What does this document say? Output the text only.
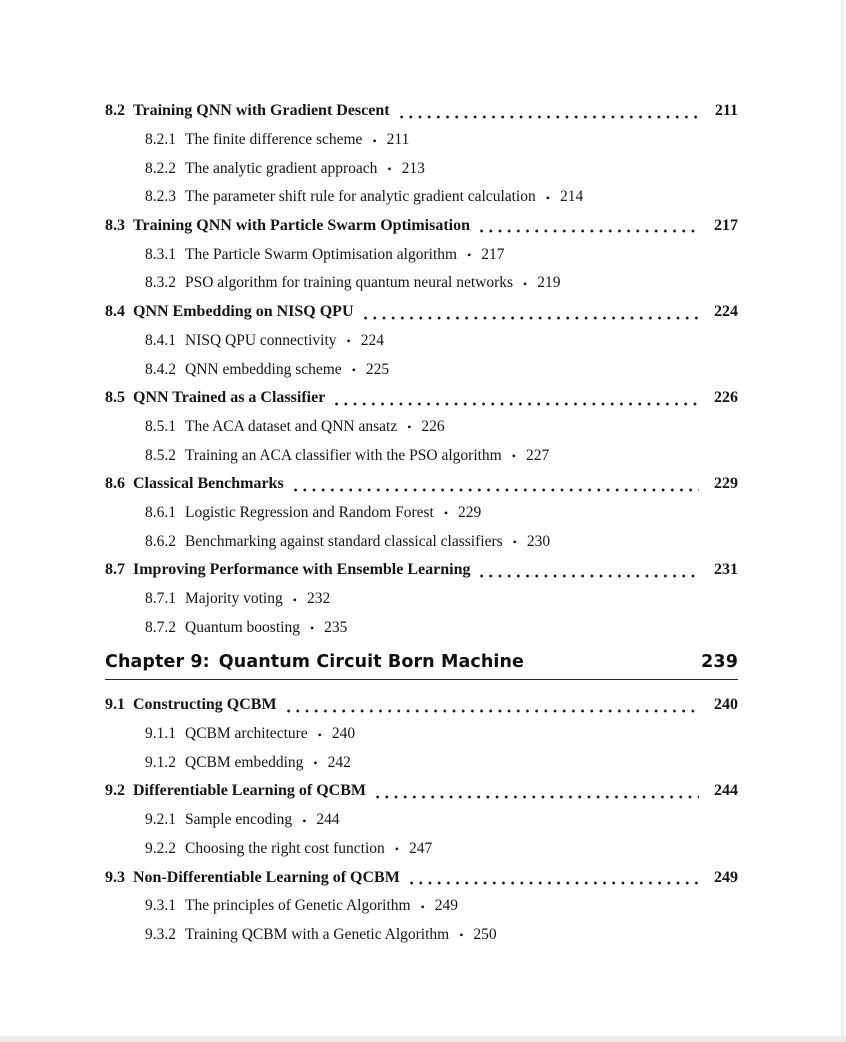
8.2 Training QNN with Gradient Descent	211
8.2.1 The finite difference scheme • 211
8.2.2 The analytic gradient approach • 213
8.2.3 The parameter shift rule for analytic gradient calculation • 214
8.3 Training QNN with Particle Swarm Optimisation	217
8.3.1 The Particle Swarm Optimisation algorithm • 217
8.3.2 PSO algorithm for training quantum neural networks • 219
8.4 QNN Embedding on NISQ QPU	224
8.4.1 NISQ QPU connectivity • 224
8.4.2 QNN embedding scheme • 225
8.5 QNN Trained as a Classifier	226
8.5.1 The ACA dataset and QNN ansatz • 226
8.5.2 Training an ACA classifier with the PSO algorithm • 227
8.6 Classical Benchmarks	229
8.6.1 Logistic Regression and Random Forest • 229
8.6.2 Benchmarking against standard classical classifiers • 230
8.7 Improving Performance with Ensemble Learning	231
8.7.1 Majority voting • 232
8.7.2 Quantum boosting • 235
Chapter 9: Quantum Circuit Born Machine	239
9.1 Constructing QCBM	240
9.1.1 QCBM architecture • 240
9.1.2 QCBM embedding • 242
9.2 Differentiable Learning of QCBM	244
9.2.1 Sample encoding • 244
9.2.2 Choosing the right cost function • 247
9.3 Non-Differentiable Learning of QCBM	249
9.3.1 The principles of Genetic Algorithm • 249
9.3.2 Training QCBM with a Genetic Algorithm • 250
